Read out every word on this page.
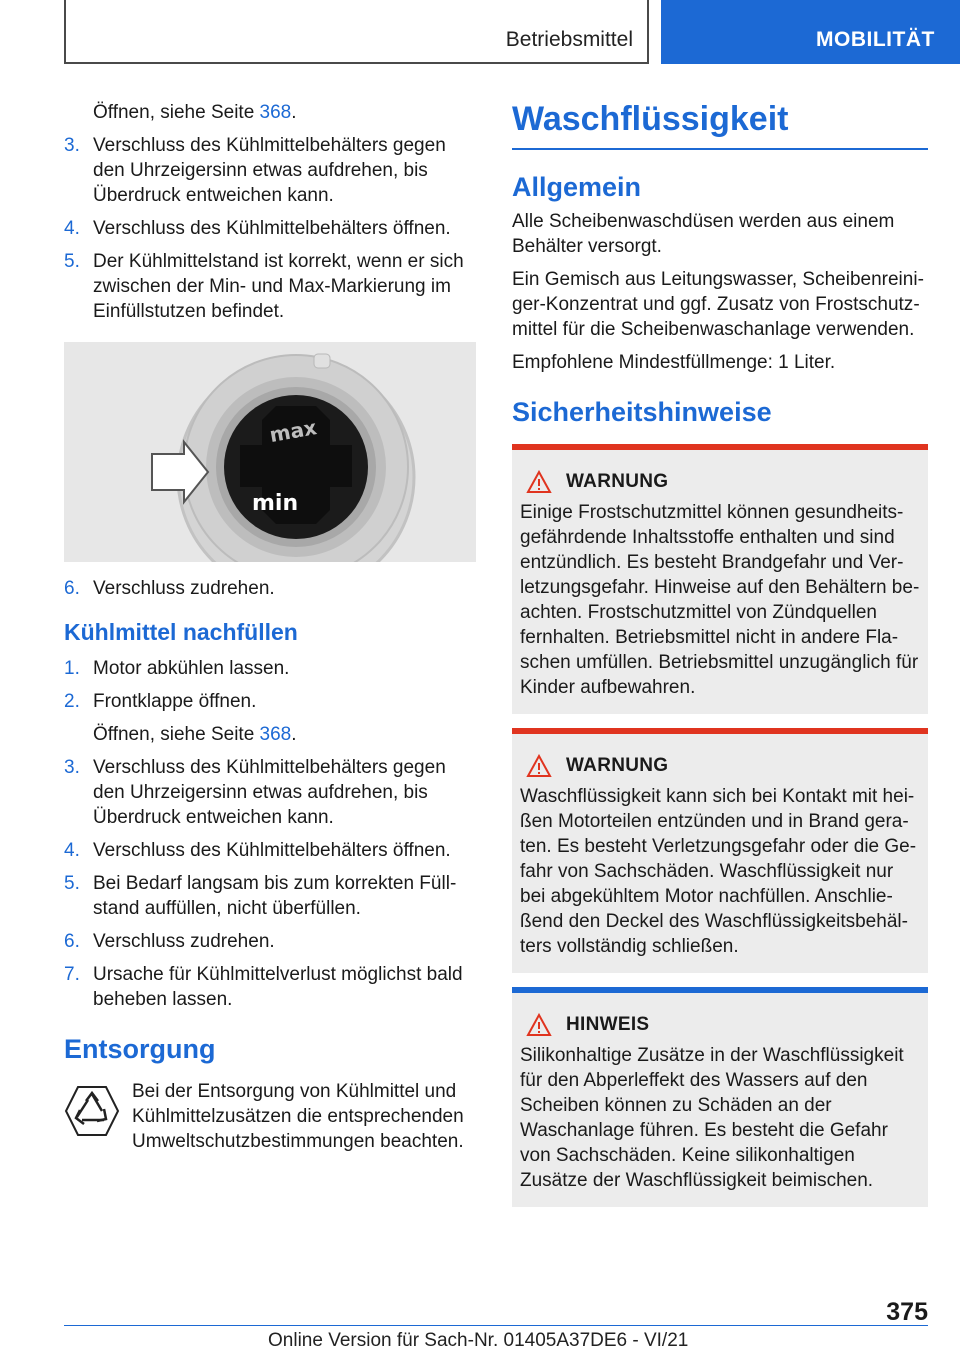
Betriebsmittel	MOBILITÄT
Öffnen, siehe Seite 368.
3. Verschluss des Kühlmittelbehälters gegen den Uhrzeigersinn etwas aufdrehen, bis Überdruck entweichen kann.
4. Verschluss des Kühlmittelbehälters öffnen.
5. Der Kühlmittelstand ist korrekt, wenn er sich zwischen der Min- und Max-Markierung im Einfüllstutzen befindet.
max
min
6. Verschluss zudrehen.
Kühlmittel nachfüllen
1. Motor abkühlen lassen.
2. Frontklappe öffnen.
Öffnen, siehe Seite 368.
3. Verschluss des Kühlmittelbehälters gegen den Uhrzeigersinn etwas aufdrehen, bis Überdruck entweichen kann.
4. Verschluss des Kühlmittelbehälters öffnen.
5. Bei Bedarf langsam bis zum korrekten Füllstand auffüllen, nicht überfüllen.
6. Verschluss zudrehen.
7. Ursache für Kühlmittelverlust möglichst bald beheben lassen.
Entsorgung

Bei der Entsorgung von Kühlmittel und Kühlmittelzusätzen die entsprechenden Umweltschutzbestimmungen beachten.

Waschflüssigkeit
Allgemein

Alle Scheibenwaschdüsen werden aus einem Behälter versorgt.

Ein Gemisch aus Leitungswasser, Scheibenreiniger-Konzentrat und ggf. Zusatz von Frostschutzmittel für die Scheibenwaschanlage verwenden.

Empfohlene Mindestfüllmenge: 1 Liter.

Sicherheitshinweise
WARNUNG

Einige Frostschutzmittel können gesundheitsgefährdende Inhaltsstoffe enthalten und sind entzündlich. Es besteht Brandgefahr und Verletzungsgefahr. Hinweise auf den Behältern beachten. Frostschutzmittel von Zündquellen fernhalten. Betriebsmittel nicht in andere Flaschen umfüllen. Betriebsmittel unzugänglich für Kinder aufbewahren.

WARNUNG

Waschflüssigkeit kann sich bei Kontakt mit heißen Motorteilen entzünden und in Brand geraten. Es besteht Verletzungsgefahr oder die Gefahr von Sachschäden. Waschflüssigkeit nur bei abgekühltem Motor nachfüllen. Anschließend den Deckel des Waschflüssigkeitsbehälters vollständig schließen.

HINWEIS

Silikonhaltige Zusätze in der Waschflüssigkeit für den Abperleffekt des Wassers auf den Scheiben können zu Schäden an der Waschanlage führen. Es besteht die Gefahr von Sachschäden. Keine silikonhaltigen Zusätze der Waschflüssigkeit beimischen.

375
Online Version für Sach-Nr. 01405A37DE6 - VI/21
